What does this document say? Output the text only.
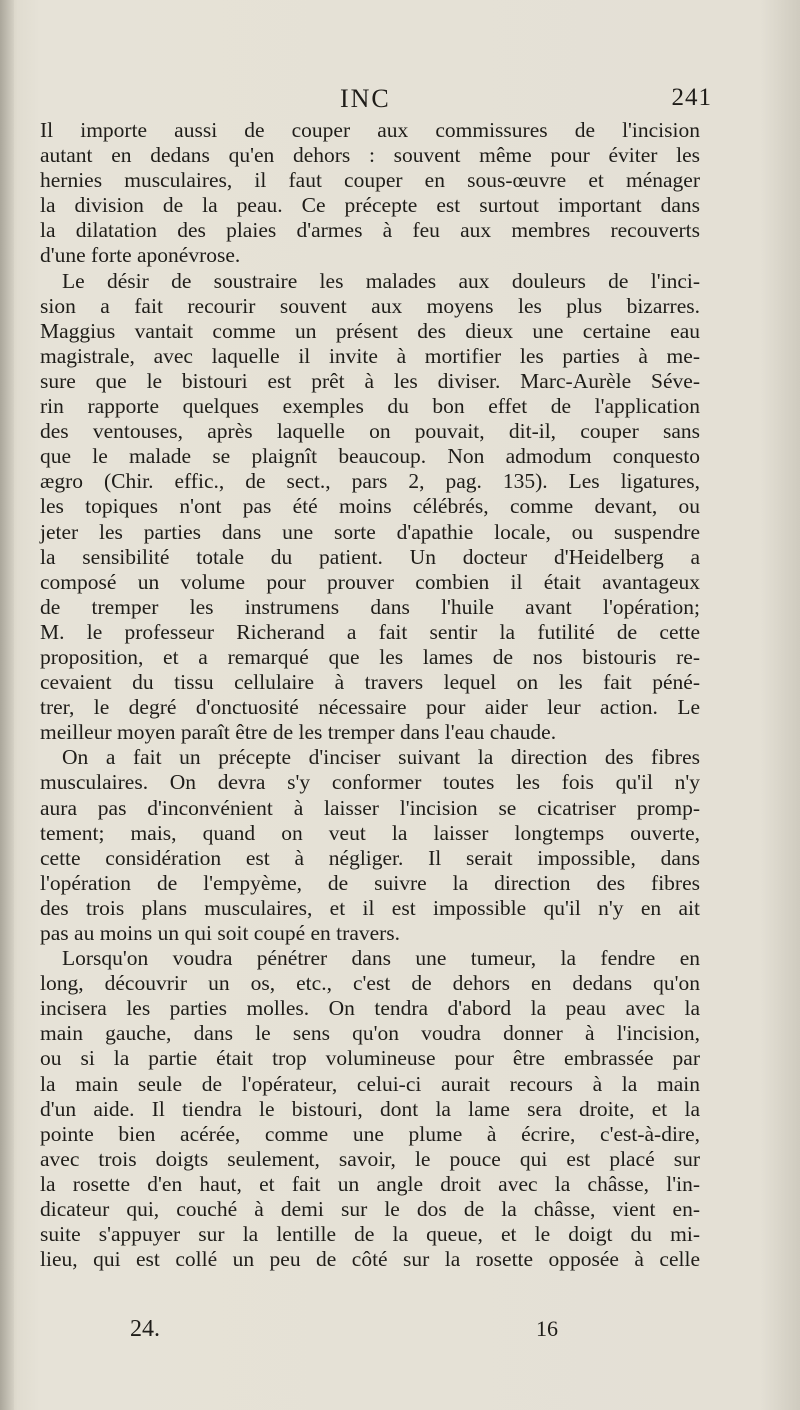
INC	241
Il importe aussi de couper aux commissures de l'incision
autant en dedans qu'en dehors : souvent même pour éviter les
hernies musculaires, il faut couper en sous-œuvre et ménager
la division de la peau. Ce précepte est surtout important dans
la dilatation des plaies d'armes à feu aux membres recouverts
d'une forte aponévrose.
Le désir de soustraire les malades aux douleurs de l'inci-
sion a fait recourir souvent aux moyens les plus bizarres.
Maggius vantait comme un présent des dieux une certaine eau
magistrale, avec laquelle il invite à mortifier les parties à me-
sure que le bistouri est prêt à les diviser. Marc-Aurèle Séve-
rin rapporte quelques exemples du bon effet de l'application
des ventouses, après laquelle on pouvait, dit-il, couper sans
que le malade se plaignît beaucoup. Non admodum conquesto
ægro (Chir. effic., de sect., pars 2, pag. 135). Les ligatures,
les topiques n'ont pas été moins célébrés, comme devant, ou
jeter les parties dans une sorte d'apathie locale, ou suspendre
la sensibilité totale du patient. Un docteur d'Heidelberg a
composé un volume pour prouver combien il était avantageux
de tremper les instrumens dans l'huile avant l'opération;
M. le professeur Richerand a fait sentir la futilité de cette
proposition, et a remarqué que les lames de nos bistouris re-
cevaient du tissu cellulaire à travers lequel on les fait péné-
trer, le degré d'onctuosité nécessaire pour aider leur action. Le
meilleur moyen paraît être de les tremper dans l'eau chaude.
On a fait un précepte d'inciser suivant la direction des fibres
musculaires. On devra s'y conformer toutes les fois qu'il n'y
aura pas d'inconvénient à laisser l'incision se cicatriser promp-
tement; mais, quand on veut la laisser longtemps ouverte,
cette considération est à négliger. Il serait impossible, dans
l'opération de l'empyème, de suivre la direction des fibres
des trois plans musculaires, et il est impossible qu'il n'y en ait
pas au moins un qui soit coupé en travers.
Lorsqu'on voudra pénétrer dans une tumeur, la fendre en
long, découvrir un os, etc., c'est de dehors en dedans qu'on
incisera les parties molles. On tendra d'abord la peau avec la
main gauche, dans le sens qu'on voudra donner à l'incision,
ou si la partie était trop volumineuse pour être embrassée par
la main seule de l'opérateur, celui-ci aurait recours à la main
d'un aide. Il tiendra le bistouri, dont la lame sera droite, et la
pointe bien acérée, comme une plume à écrire, c'est-à-dire,
avec trois doigts seulement, savoir, le pouce qui est placé sur
la rosette d'en haut, et fait un angle droit avec la châsse, l'in-
dicateur qui, couché à demi sur le dos de la châsse, vient en-
suite s'appuyer sur la lentille de la queue, et le doigt du mi-
lieu, qui est collé un peu de côté sur la rosette opposée à celle
24.	16
